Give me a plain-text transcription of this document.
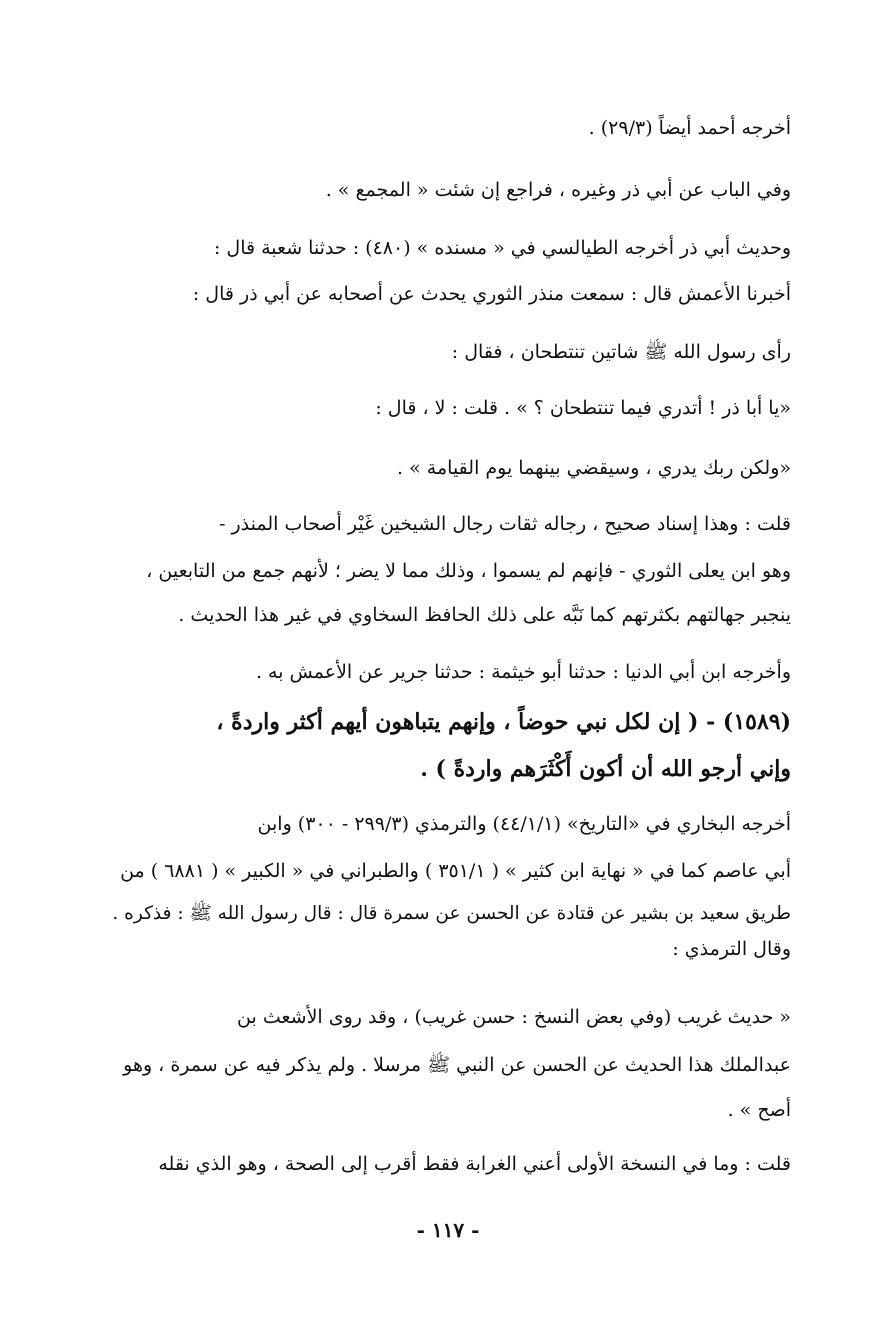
أخرجه أحمد أيضاً (٢٩/٣) .
وفي الباب عن أبي ذر وغيره ، فراجع إن شئت « المجمع » .
وحديث أبي ذر أخرجه الطيالسي في « مسنده » (٤٨٠) : حدثنا شعبة قال :
أخبرنا الأعمش قال : سمعت منذر الثوري يحدث عن أصحابه عن أبي ذر قال :
رأى رسول الله ﷺ شاتين تنتطحان ، فقال :
«يا أبا ذر ! أتدري فيما تنتطحان ؟ » . قلت : لا ، قال :
«ولكن ربك يدري ، وسيقضي بينهما يوم القيامة » .
قلت : وهذا إسناد صحيح ، رجاله ثقات رجال الشيخين غَيْر أصحاب المنذر -
وهو ابن يعلى الثوري - فإنهم لم يسموا ، وذلك مما لا يضر ؛ لأنهم جمع من التابعين ،
ينجبر جهالتهم بكثرتهم كما نَبَّه على ذلك الحافظ السخاوي في غير هذا الحديث .
وأخرجه ابن أبي الدنيا : حدثنا أبو خيثمة : حدثنا جرير عن الأعمش به .
(١٥٨٩) - ( إن لكل نبي حوضاً ، وإنهم يتباهون أيهم أكثر واردةً ،
وإني أرجو الله أن أكون أَكْثَرَهم واردةً ) .
أخرجه البخاري في «التاريخ» (٤٤/١/١) والترمذي (٢٩٩/٣ - ٣٠٠) وابن
أبي عاصم كما في « نهاية ابن كثير » ( ٣٥١/١ ) والطبراني في « الكبير » ( ٦٨٨١ ) من
طريق سعيد بن بشير عن قتادة عن الحسن عن سمرة قال : قال رسول الله ﷺ : فذكره .
وقال الترمذي :
« حديث غريب (وفي بعض النسخ : حسن غريب) ، وقد روى الأشعث بن
عبدالملك هذا الحديث عن الحسن عن النبي ﷺ مرسلا . ولم يذكر فيه عن سمرة ، وهو
أصح » .
قلت : وما في النسخة الأولى أعني الغرابة فقط أقرب إلى الصحة ، وهو الذي نقله
- ١١٧ -
